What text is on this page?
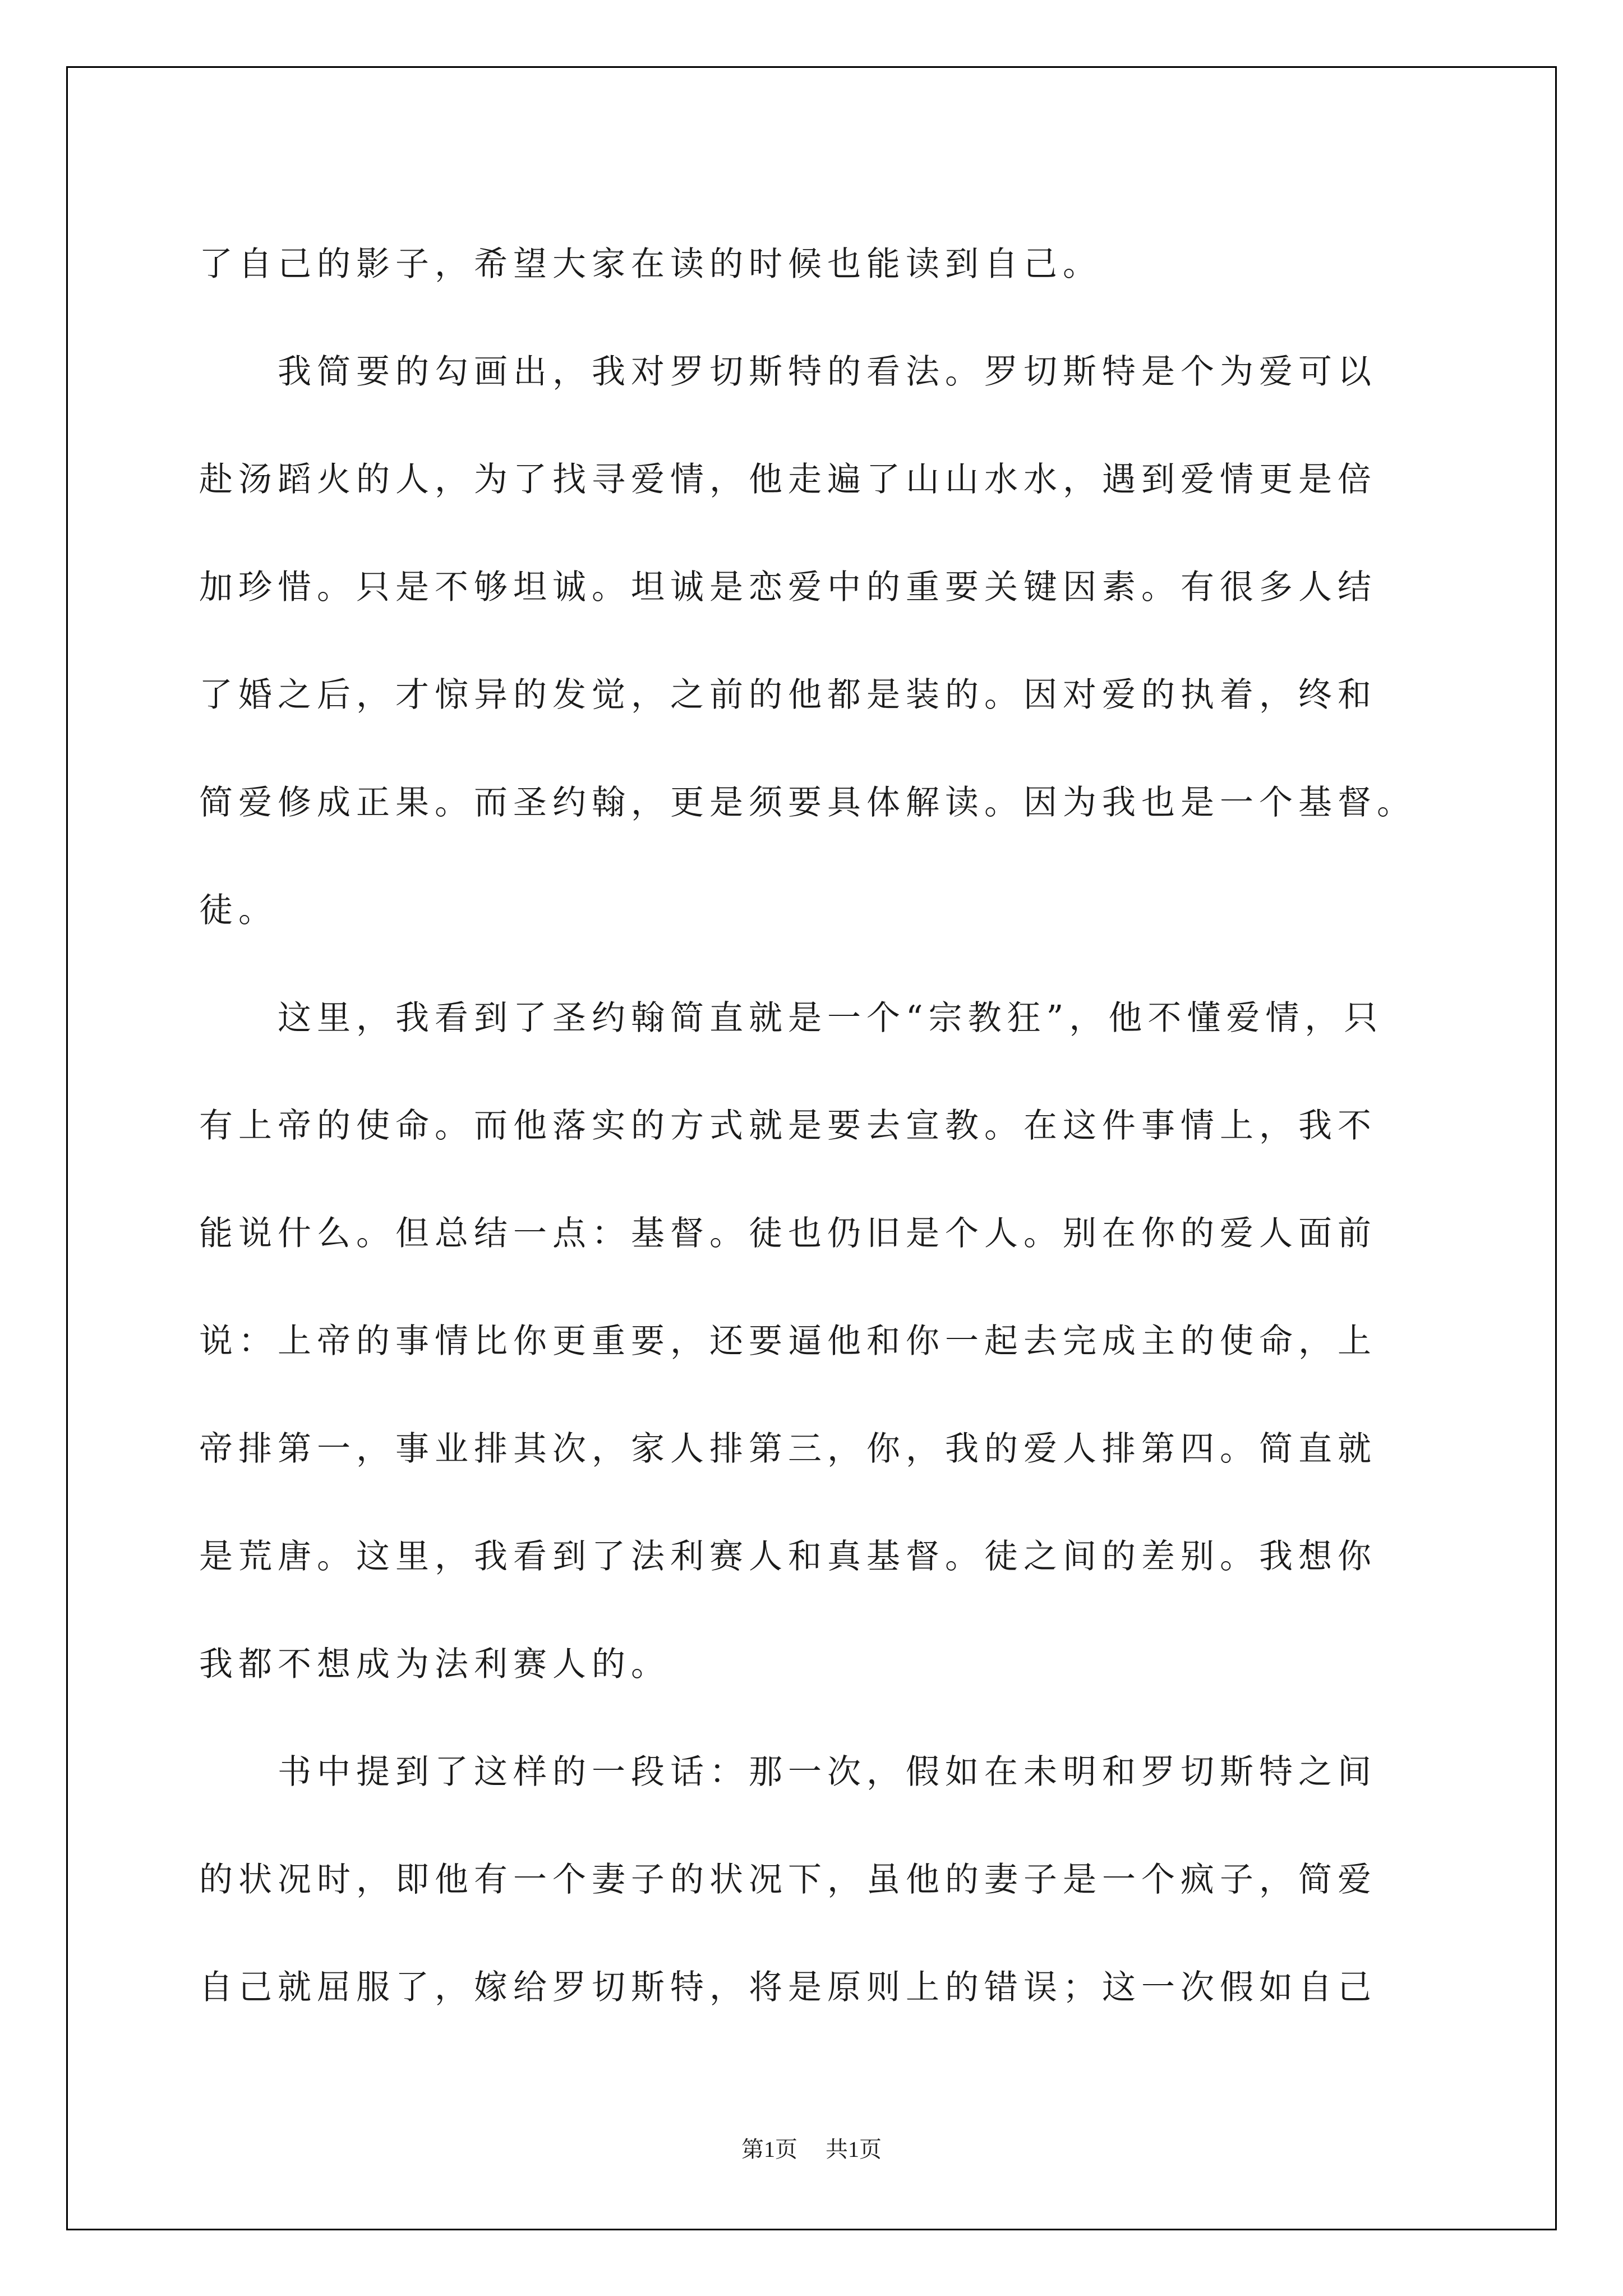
了自己的影子，希望大家在读的时候也能读到自己。
我简要的勾画出，我对罗切斯特的看法。罗切斯特是个为爱可以
赴汤蹈火的人，为了找寻爱情，他走遍了山山水水，遇到爱情更是倍
加珍惜。只是不够坦诚。坦诚是恋爱中的重要关键因素。有很多人结
了婚之后，才惊异的发觉，之前的他都是装的。因对爱的执着，终和
简爱修成正果。而圣约翰，更是须要具体解读。因为我也是一个基督。
徒。
这里，我看到了圣约翰简直就是一个“宗教狂”，他不懂爱情，只
有上帝的使命。而他落实的方式就是要去宣教。在这件事情上，我不
能说什么。但总结一点：基督。徒也仍旧是个人。别在你的爱人面前
说：上帝的事情比你更重要，还要逼他和你一起去完成主的使命，上
帝排第一，事业排其次，家人排第三，你，我的爱人排第四。简直就
是荒唐。这里，我看到了法利赛人和真基督。徒之间的差别。我想你
我都不想成为法利赛人的。
书中提到了这样的一段话：那一次，假如在未明和罗切斯特之间
的状况时，即他有一个妻子的状况下，虽他的妻子是一个疯子，简爱
自己就屈服了，嫁给罗切斯特，将是原则上的错误；这一次假如自己
第1页 共1页
